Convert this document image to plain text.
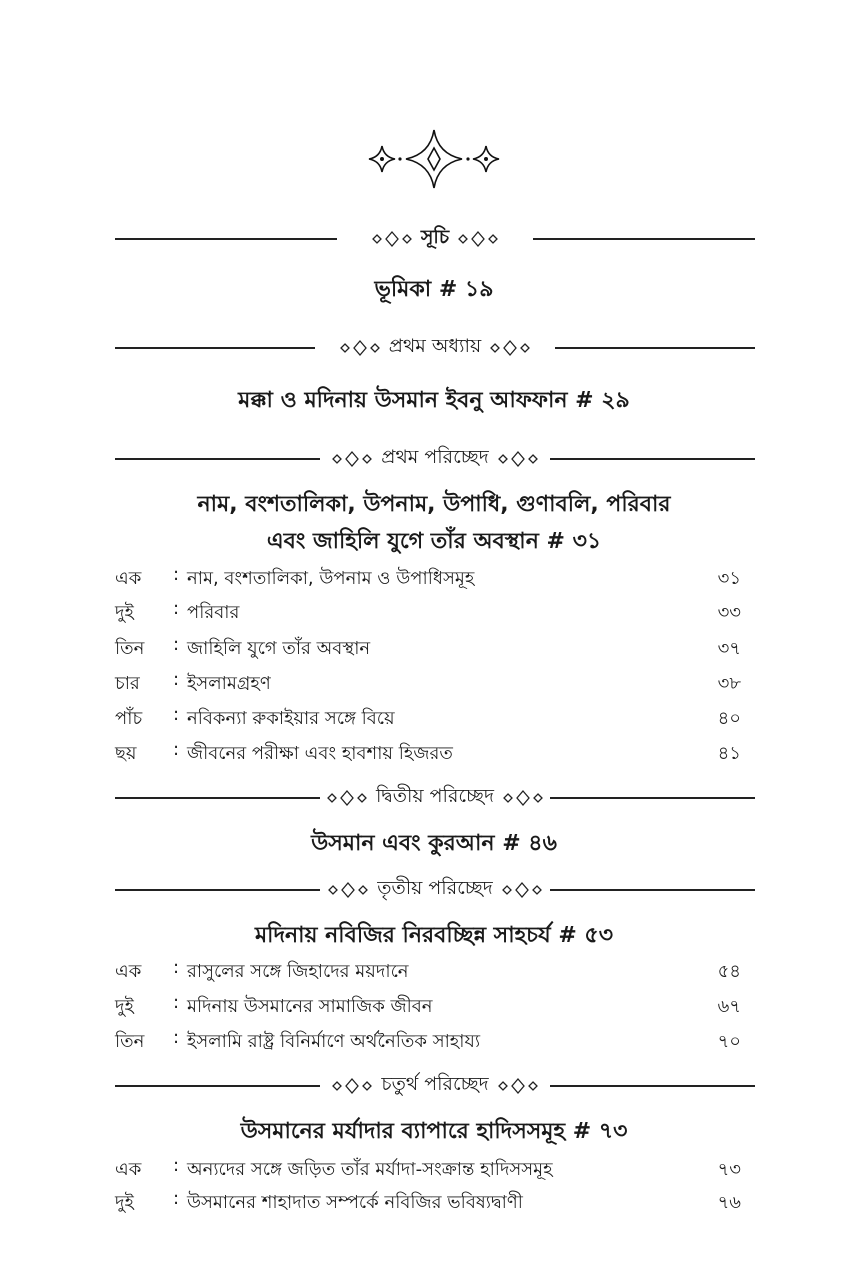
সূচি
ভূমিকা # ১৯
প্রথম অধ্যায়
মক্কা ও মদিনায় উসমান ইবনু আফফান # ২৯
প্রথম পরিচ্ছেদ
নাম, বংশতালিকা, উপনাম, উপাধি, গুণাবলি, পরিবার
এবং জাহিলি যুগে তাঁর অবস্থান # ৩১
এক : নাম, বংশতালিকা, উপনাম ও উপাধিসমূহ	৩১
দুই : পরিবার	৩৩
তিন : জাহিলি যুগে তাঁর অবস্থান	৩৭
চার : ইসলামগ্রহণ	৩৮
পাঁচ : নবিকন্যা রুকাইয়ার সঙ্গে বিয়ে	৪০
ছয় : জীবনের পরীক্ষা এবং হাবশায় হিজরত	৪১
দ্বিতীয় পরিচ্ছেদ
উসমান এবং কুরআন # ৪৬
তৃতীয় পরিচ্ছেদ
মদিনায় নবিজির নিরবচ্ছিন্ন সাহচর্য # ৫৩
এক : রাসুলের সঙ্গে জিহাদের ময়দানে	৫৪
দুই : মদিনায় উসমানের সামাজিক জীবন	৬৭
তিন : ইসলামি রাষ্ট্র বিনির্মাণে অর্থনৈতিক সাহায্য	৭০
চতুর্থ পরিচ্ছেদ
উসমানের মর্যাদার ব্যাপারে হাদিসসমূহ # ৭৩
এক : অন্যদের সঙ্গে জড়িত তাঁর মর্যাদা-সংক্রান্ত হাদিসসমূহ	৭৩
দুই : উসমানের শাহাদাত সম্পর্কে নবিজির ভবিষ্যদ্বাণী	৭৬
